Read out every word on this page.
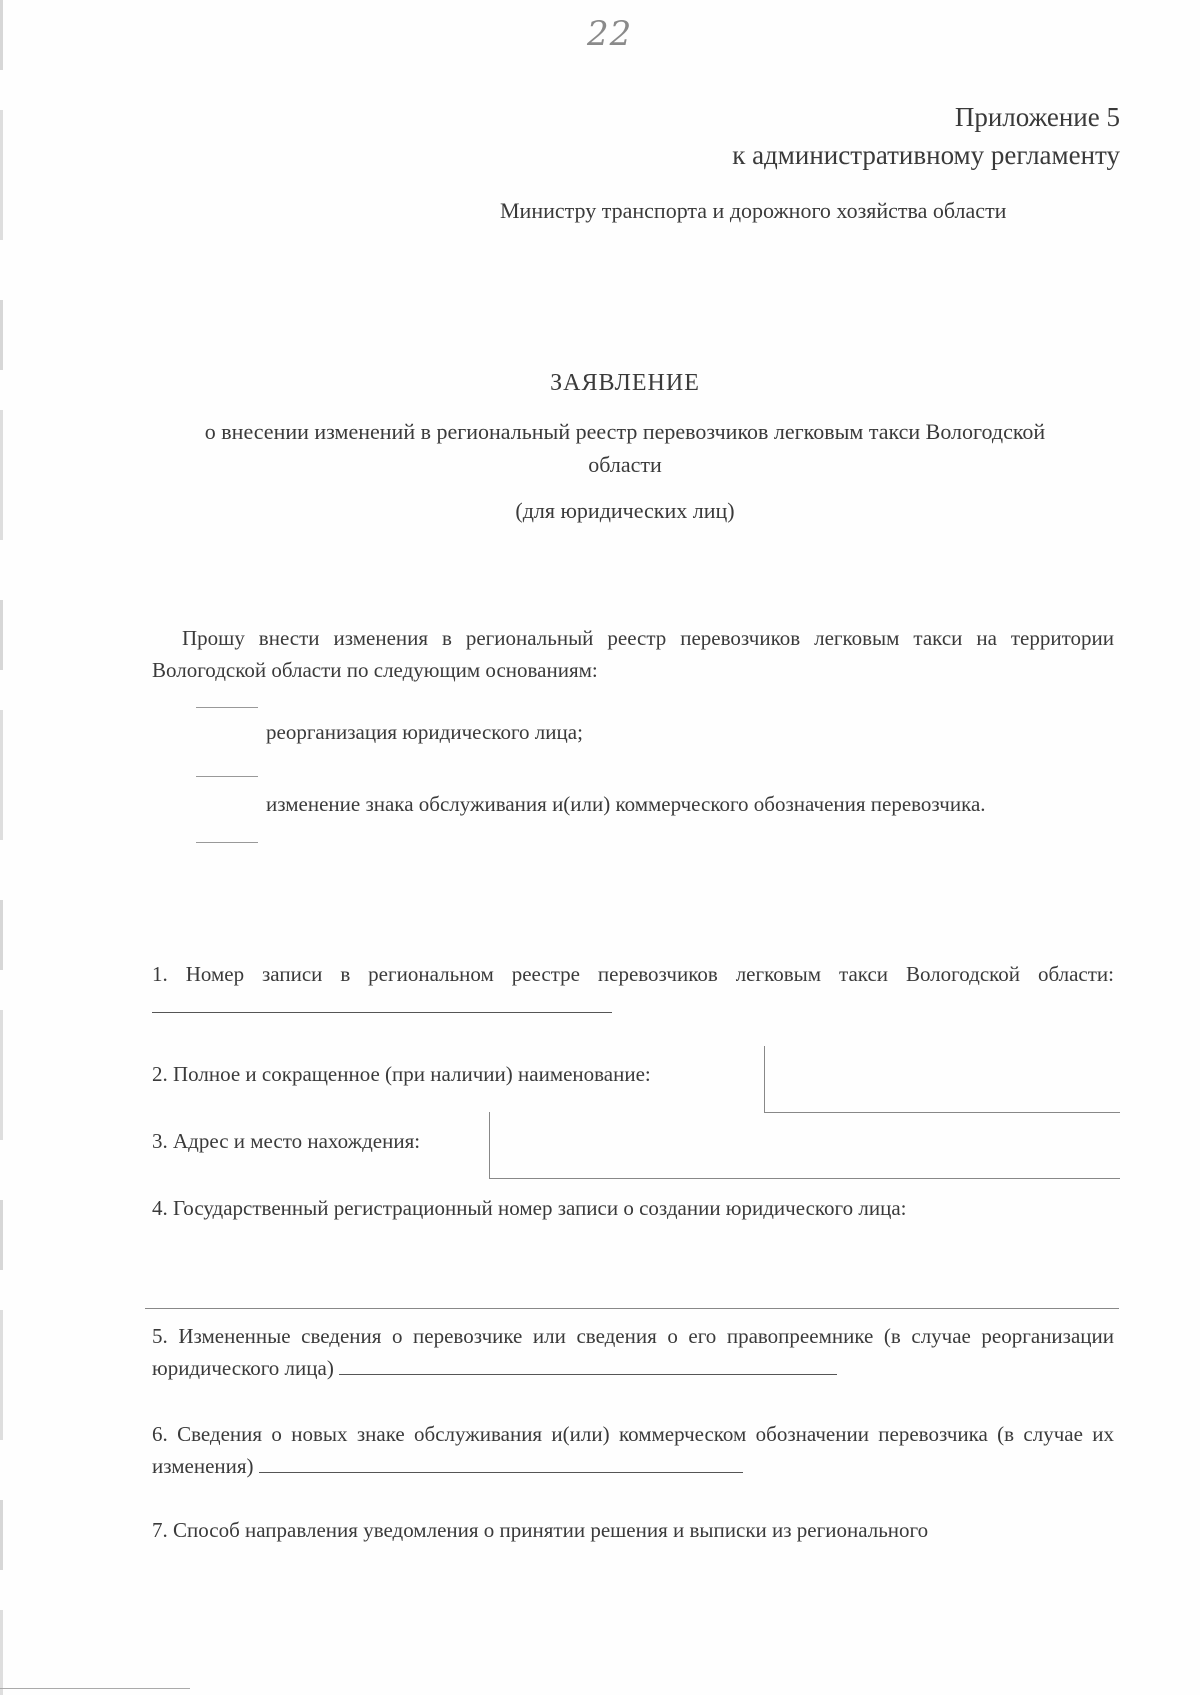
22
Приложение 5
к административному регламенту
Министру транспорта и дорожного хозяйства области
ЗАЯВЛЕНИЕ
о внесении изменений в региональный реестр перевозчиков легковым такси Вологодской
области
(для юридических лиц)
Прошу внести изменения в региональный реестр перевозчиков легковым такси на территории Вологодской области по следующим основаниям:
реорганизация юридического лица;
изменение знака обслуживания и(или) коммерческого обозначения перевозчика.
1. Номер записи в региональном реестре перевозчиков легковым такси Вологодской области:
2. Полное и сокращенное (при наличии) наименование:
3. Адрес и место нахождения:
4. Государственный регистрационный номер записи о создании юридического лица:
5. Измененные сведения о перевозчике или сведения о его правопреемнике (в случае реорганизации юридического лица)
6. Сведения о новых знаке обслуживания и(или) коммерческом обозначении перевозчика (в случае их изменения)
7. Способ направления уведомления о принятии решения и выписки из регионального
